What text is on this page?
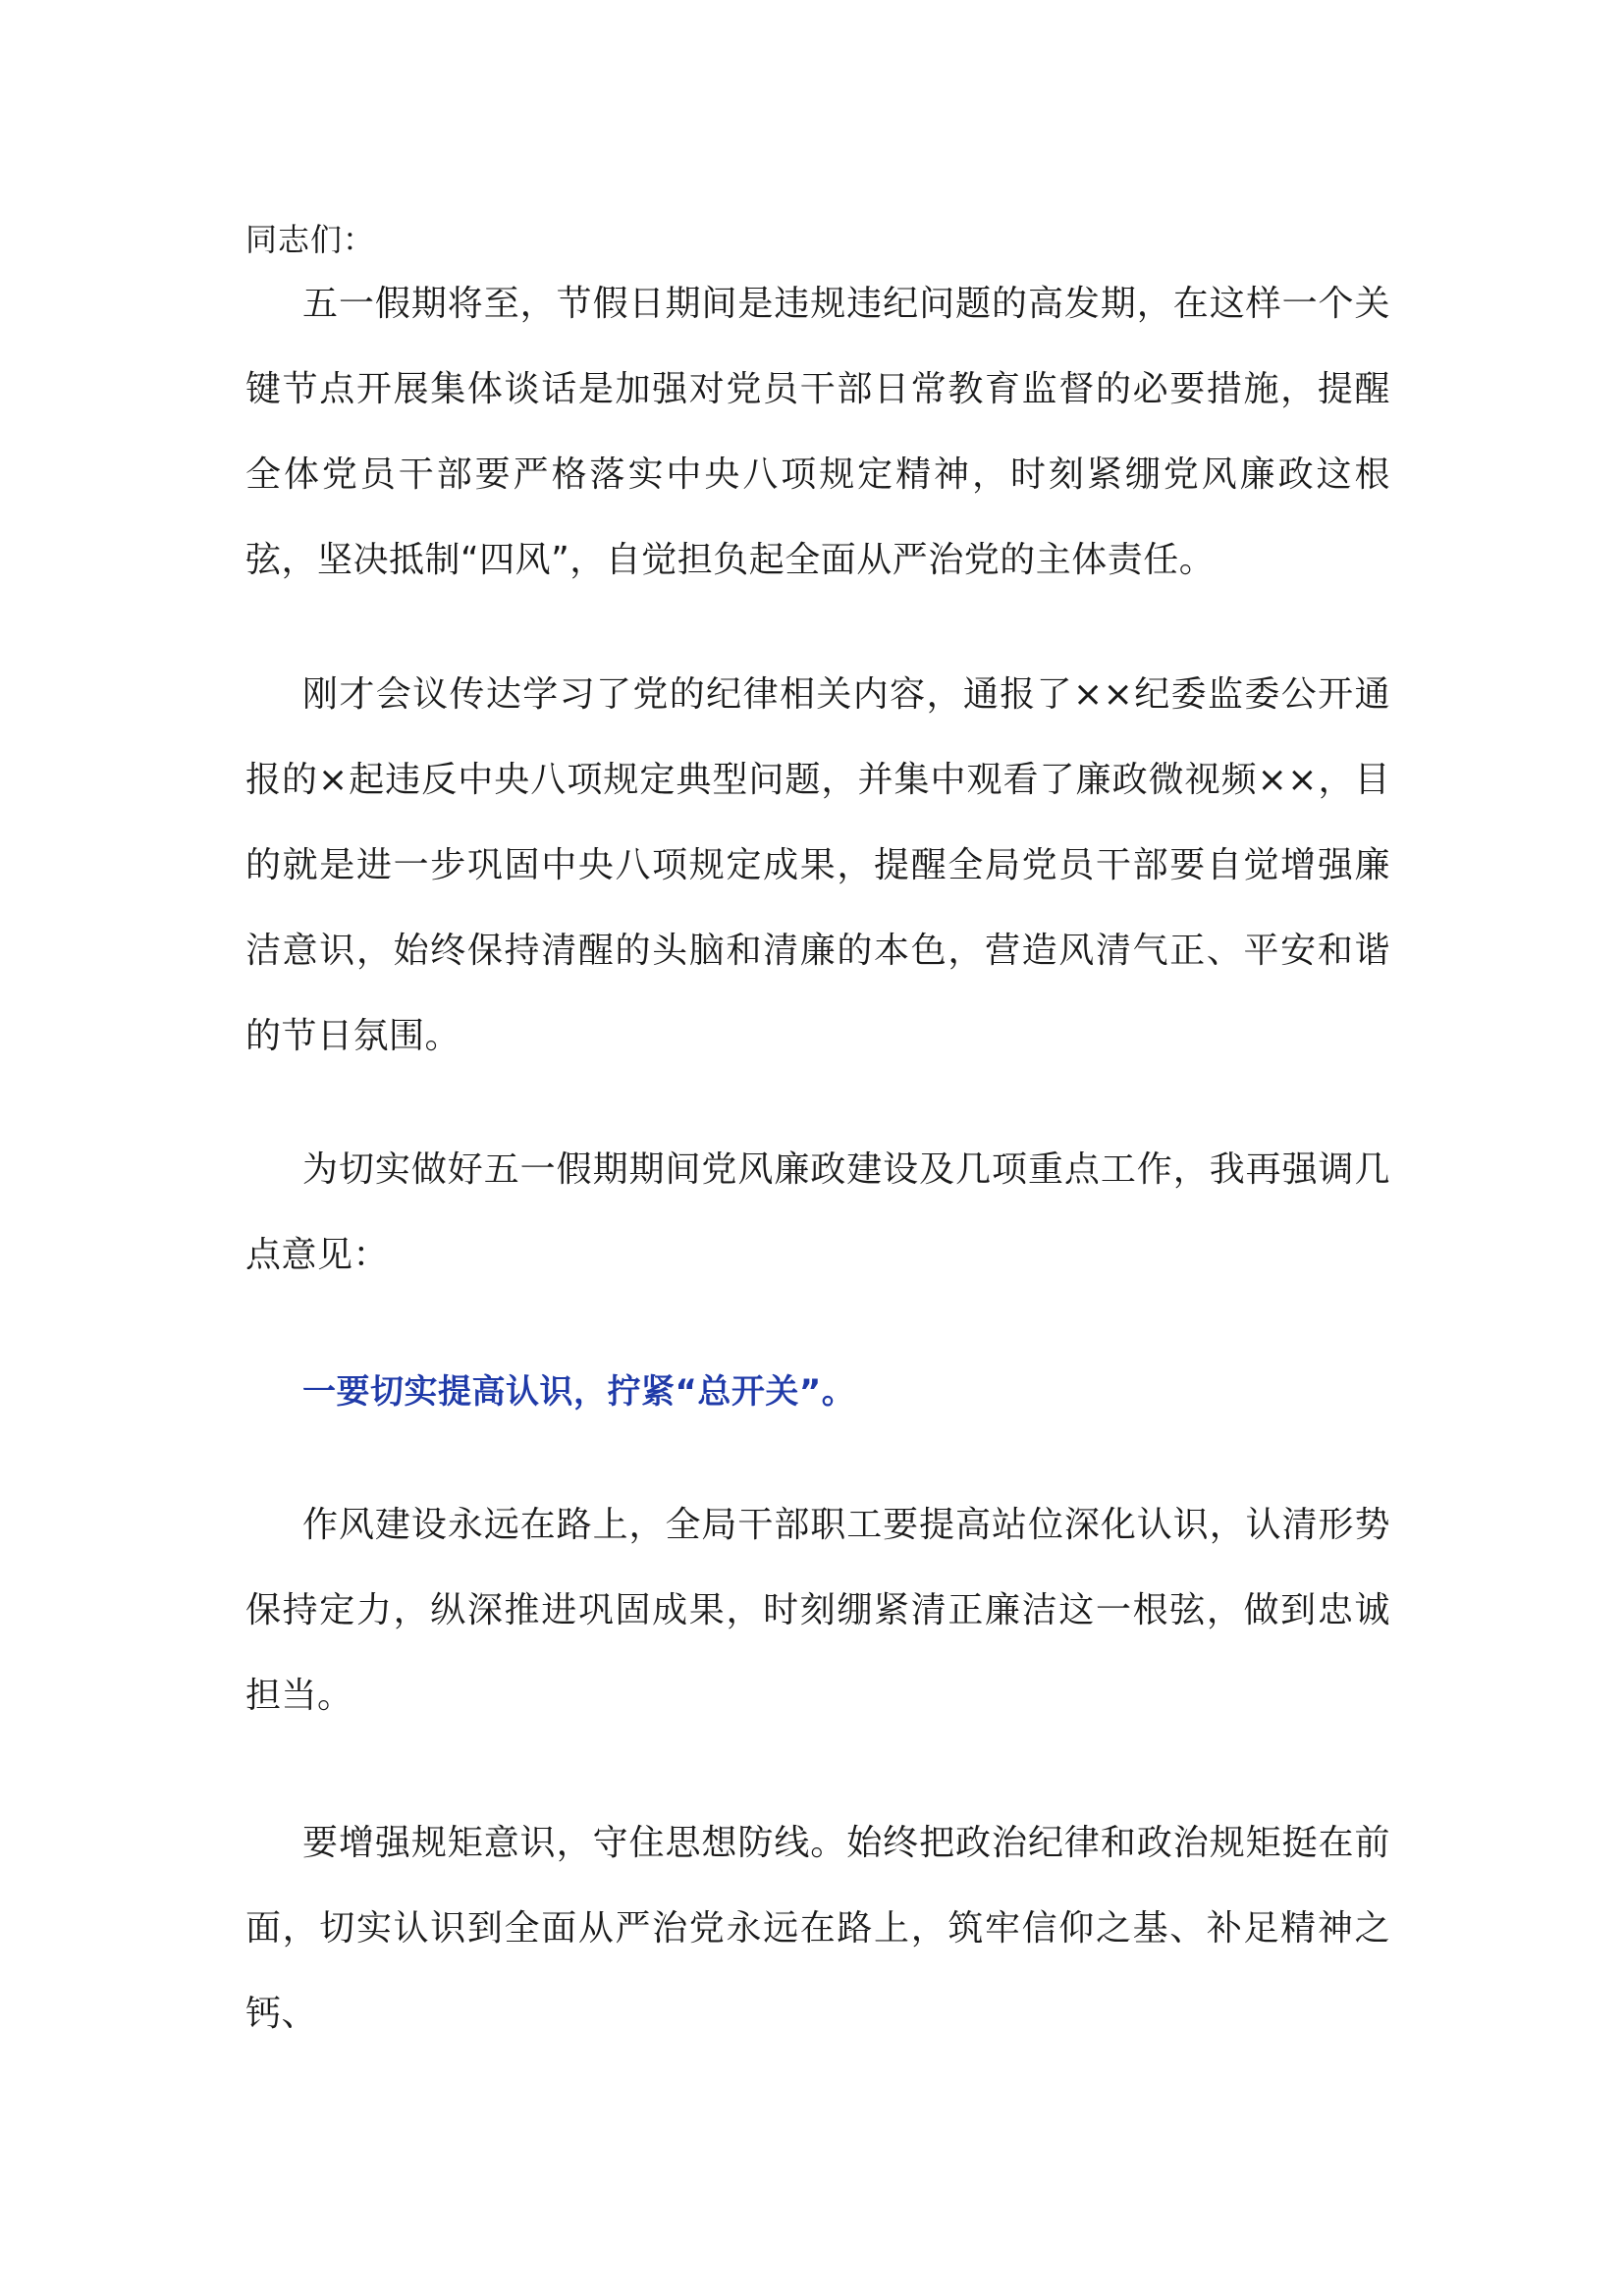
同志们：

五一假期将至，节假日期间是违规违纪问题的高发期，在这样一个关键节点开展集体谈话是加强对党员干部日常教育监督的必要措施，提醒全体党员干部要严格落实中央八项规定精神，时刻紧绷党风廉政这根弦，坚决抵制“四风”，自觉担负起全面从严治党的主体责任。

刚才会议传达学习了党的纪律相关内容，通报了××纪委监委公开通报的×起违反中央八项规定典型问题，并集中观看了廉政微视频××，目的就是进一步巩固中央八项规定成果，提醒全局党员干部要自觉增强廉洁意识，始终保持清醒的头脑和清廉的本色，营造风清气正、平安和谐的节日氛围。

为切实做好五一假期期间党风廉政建设及几项重点工作，我再强调几点意见：

一要切实提高认识，拧紧“总开关”。

作风建设永远在路上，全局干部职工要提高站位深化认识，认清形势保持定力，纵深推进巩固成果，时刻绷紧清正廉洁这一根弦，做到忠诚担当。

要增强规矩意识，守住思想防线。始终把政治纪律和政治规矩挺在前面，切实认识到全面从严治党永远在路上，筑牢信仰之基、补足精神之钙、
